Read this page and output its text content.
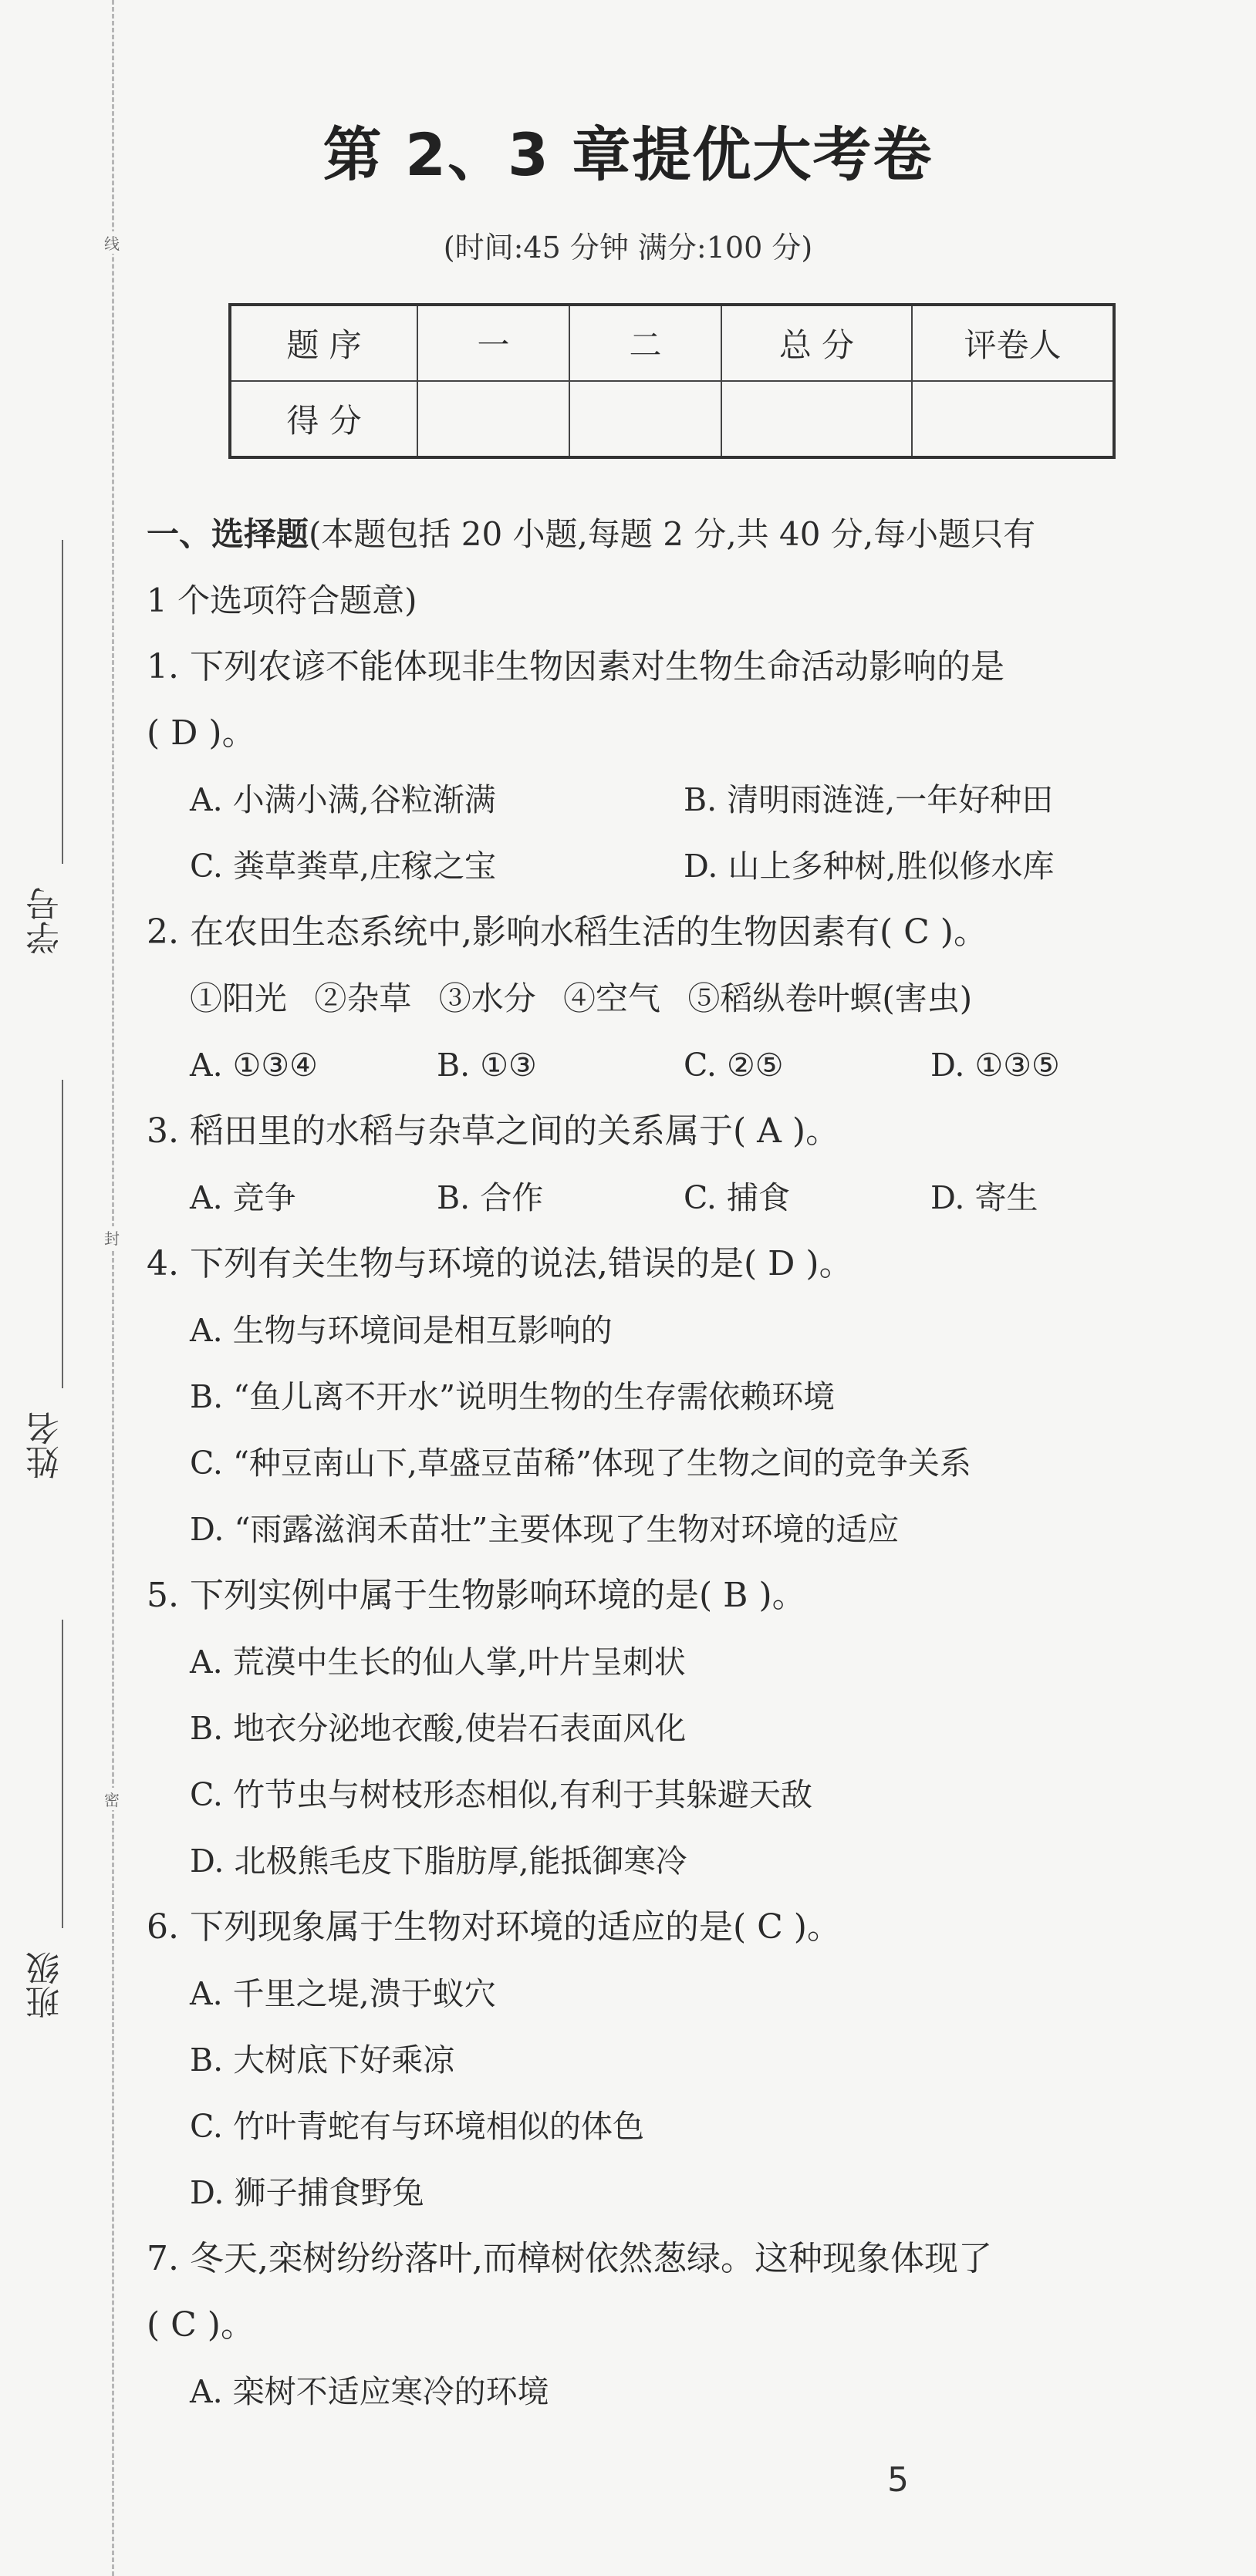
线
封
密
学号
姓名
班级
第 2、3 章提优大考卷
(时间:45 分钟 满分:100 分)
题 序	一	二	总 分	评卷人
得 分				
一、选择题(本题包括 20 小题,每题 2 分,共 40 分,每小题只有
1 个选项符合题意)
1. 下列农谚不能体现非生物因素对生物生命活动影响的是
( D )。
A. 小满小满,谷粒渐满	B. 清明雨涟涟,一年好种田
C. 粪草粪草,庄稼之宝	D. 山上多种树,胜似修水库
2. 在农田生态系统中,影响水稻生活的生物因素有( C )。
①阳光 ②杂草 ③水分 ④空气 ⑤稻纵卷叶螟(害虫)
A. ①③④	B. ①③	C. ②⑤	D. ①③⑤
3. 稻田里的水稻与杂草之间的关系属于( A )。
A. 竞争	B. 合作	C. 捕食	D. 寄生
4. 下列有关生物与环境的说法,错误的是( D )。
A. 生物与环境间是相互影响的
B. “鱼儿离不开水”说明生物的生存需依赖环境
C. “种豆南山下,草盛豆苗稀”体现了生物之间的竞争关系
D. “雨露滋润禾苗壮”主要体现了生物对环境的适应
5. 下列实例中属于生物影响环境的是( B )。
A. 荒漠中生长的仙人掌,叶片呈刺状
B. 地衣分泌地衣酸,使岩石表面风化
C. 竹节虫与树枝形态相似,有利于其躲避天敌
D. 北极熊毛皮下脂肪厚,能抵御寒冷
6. 下列现象属于生物对环境的适应的是( C )。
A. 千里之堤,溃于蚁穴
B. 大树底下好乘凉
C. 竹叶青蛇有与环境相似的体色
D. 狮子捕食野兔
7. 冬天,栾树纷纷落叶,而樟树依然葱绿。这种现象体现了
( C )。
A. 栾树不适应寒冷的环境
5
